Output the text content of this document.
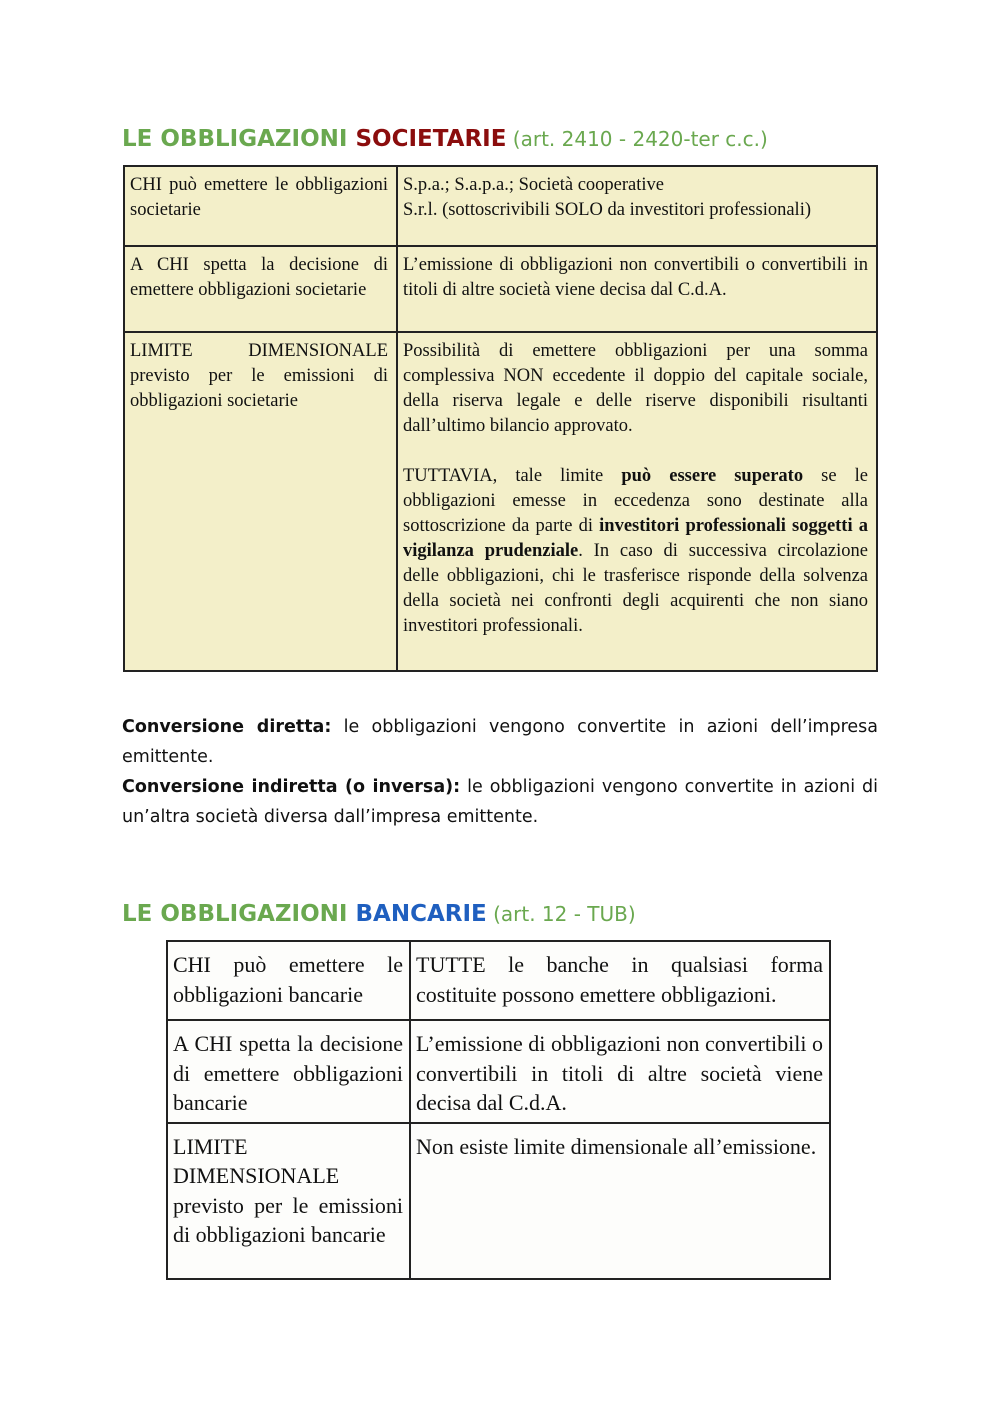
LE OBBLIGAZIONI SOCIETARIE (art. 2410 - 2420-ter c.c.)
CHI può emettere le obbligazioni societarie	S.p.a.; S.a.p.a.; Società cooperative
S.r.l. (sottoscrivibili SOLO da investitori professionali)

A CHI spetta la decisione di emettere obbligazioni societarie	L’emissione di obbligazioni non convertibili o convertibili in titoli di altre società viene decisa dal C.d.A.
LIMITE DIMENSIONALE previsto per le emissioni di obbligazioni societarie	Possibilità di emettere obbligazioni per una somma complessiva NON eccedente il doppio del capitale sociale, della riserva legale e delle riserve disponibili risultanti dall’ultimo bilancio approvato.
TUTTAVIA, tale limite può essere superato se le obbligazioni emesse in eccedenza sono destinate alla sottoscrizione da parte di investitori professionali soggetti a vigilanza prudenziale. In caso di successiva circolazione delle obbligazioni, chi le trasferisce risponde della solvenza della società nei confronti degli acquirenti che non siano investitori professionali.

Conversione diretta: le obbligazioni vengono convertite in azioni dell’impresa emittente.

Conversione indiretta (o inversa): le obbligazioni vengono convertite in azioni di un’altra società diversa dall’impresa emittente.

LE OBBLIGAZIONI BANCARIE (art. 12 - TUB)
CHI può emettere le obbligazioni bancarie	TUTTE le banche in qualsiasi forma costituite possono emettere obbligazioni.
A CHI spetta la decisione di emettere obbligazioni bancarie	L’emissione di obbligazioni non convertibili o convertibili in titoli di altre società viene decisa dal C.d.A.
LIMITE DIMENSIONALE previsto per le emissioni di obbligazioni bancarie	Non esiste limite dimensionale all’emissione.
